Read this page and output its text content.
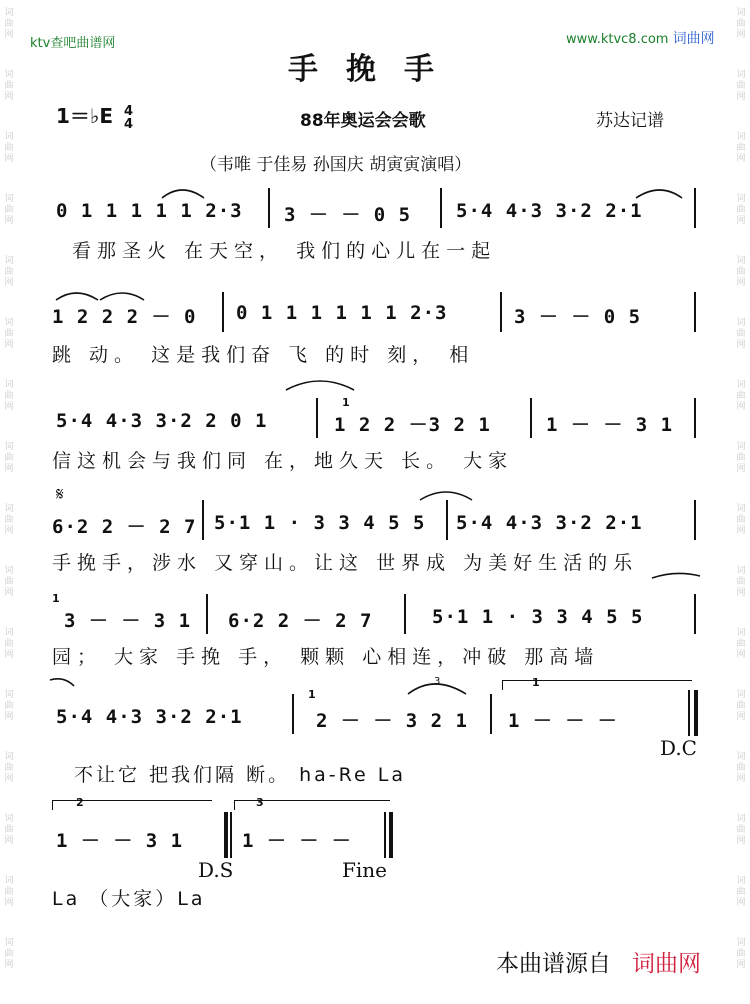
词
曲
网
词
曲
网
词
曲
网
词
曲
网
词
曲
网
词
曲
网
词
曲
网
词
曲
网
词
曲
网
词
曲
网
词
曲
网
词
曲
网
词
曲
网
词
曲
网
词
曲
网
词
曲
网
词
曲
网
词
曲
网
词
曲
网
词
曲
网
词
曲
网
词
曲
网
词
曲
网
词
曲
网
词
曲
网
词
曲
网
词
曲
网
词
曲
网
词
曲
网
词
曲
网
词
曲
网
词
曲
网
ktv查吧曲谱网	www.ktvc8.com 词曲网
手挽手
1＝♭E 4
4	88年奥运会会歌	苏达记谱
（韦唯 于佳易 孙国庆 胡寅寅演唱）
0 1 1 1 1 1 2·3 3 － － 0 5 5·4 4·3 3·2 2·1
看那圣火 在天空， 我们的心儿在一起
1 2 2 2 － 0 0 1 1 1 1 1 1 2·3	3 － － 0 5
跳 动。 这是我们奋 飞 的时 刻， 相
5·4 4·3 3·2 2 0 1	1 2 2 －3 2 1
1
1 － － 3 1
信这机会与我们同 在，地久天 长。 大家
𝄋
6·2 2 － 2 7 5·1 1 · 3 3 4 5 5 5·4 4·3 3·2 2·1
手挽手，涉水 又穿山。让这 世界成 为美好生活的乐
3 － － 3 1
1
6·2 2 － 2 7	5·1 1 · 3 3 4 5 5
园； 大家 手挽 手， 颗颗 心相连，冲破 那高墙
5·4 4·3 3·2 2·1
1
2 － － 3 2 1
3	1
1 － － －
D.C
不让它 把我们隔 断。 ha-Re La
2
1 － － 3 1
3
1 － － －
D.S	Fine
La （大家）La
本曲谱源自 词曲网
